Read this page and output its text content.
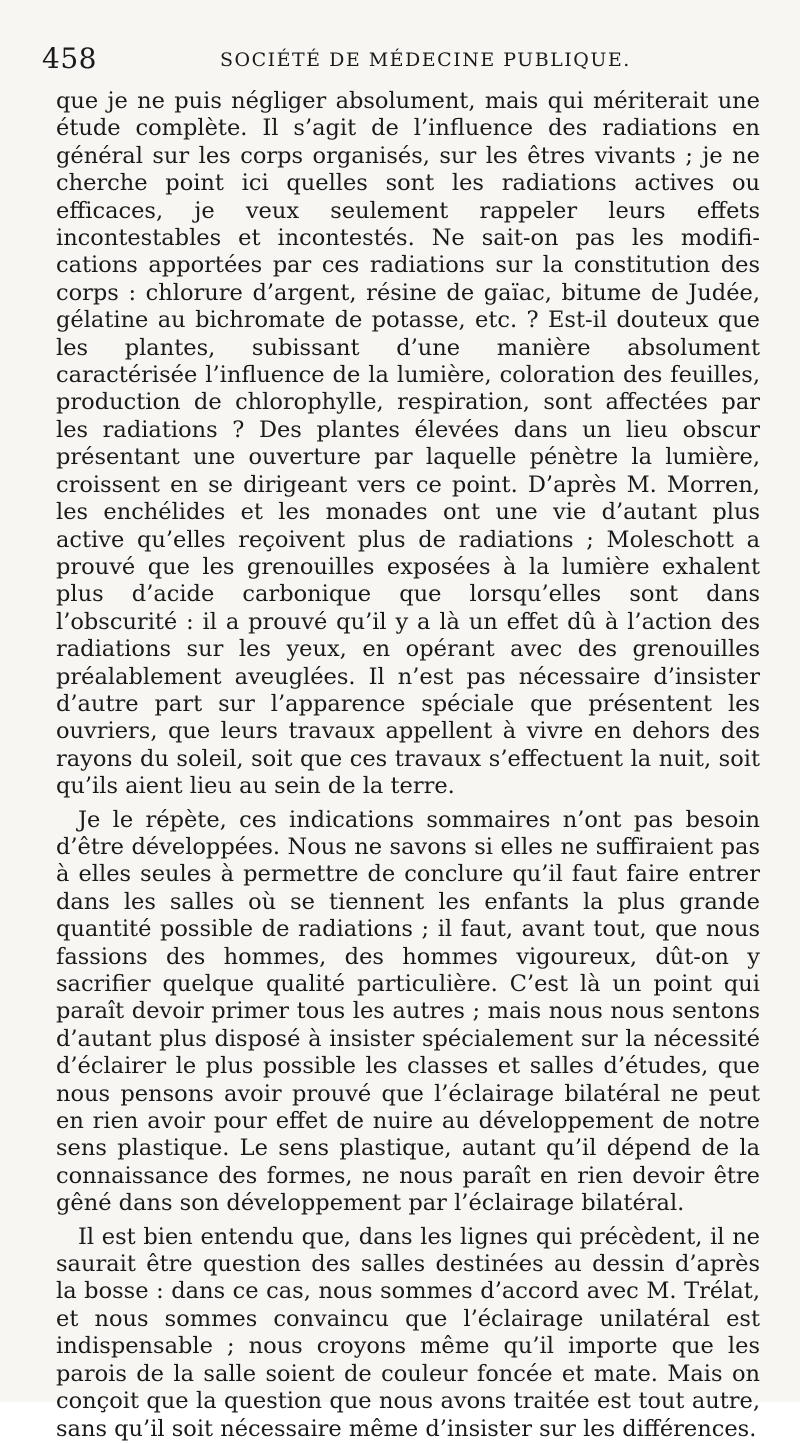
458	SOCIÉTÉ DE MÉDECINE PUBLIQUE.

que je ne puis négliger absolument, mais qui mériterait une étude complète. Il s’agit de l’influence des radiations en général sur les corps organisés, sur les êtres vivants ; je ne cherche point ici quelles sont les radiations actives ou efficaces, je veux seulement rappeler leurs effets incontestables et incontestés. Ne sait-on pas les modifications apportées par ces radiations sur la constitution des corps : chlorure d’argent, résine de gaïac, bitume de Judée, gélatine au bichromate de potasse, etc. ? Est-il douteux que les plantes, subissant d’une manière absolument caractérisée l’influence de la lumière, coloration des feuilles, production de chlorophylle, respiration, sont affectées par les radiations ? Des plantes élevées dans un lieu obscur présentant une ouverture par laquelle pénètre la lumière, croissent en se dirigeant vers ce point. D’après M. Morren, les enchélides et les monades ont une vie d’autant plus active qu’elles reçoivent plus de radiations ; Moleschott a prouvé que les grenouilles exposées à la lumière exhalent plus d’acide carbonique que lorsqu’elles sont dans l’obscurité : il a prouvé qu’il y a là un effet dû à l’action des radiations sur les yeux, en opérant avec des grenouilles préalablement aveuglées. Il n’est pas nécessaire d’insister d’autre part sur l’apparence spéciale que présentent les ouvriers, que leurs travaux appellent à vivre en dehors des rayons du soleil, soit que ces travaux s’effectuent la nuit, soit qu’ils aient lieu au sein de la terre.

Je le répète, ces indications sommaires n’ont pas besoin d’être développées. Nous ne savons si elles ne suffiraient pas à elles seules à permettre de conclure qu’il faut faire entrer dans les salles où se tiennent les enfants la plus grande quantité possible de radiations ; il faut, avant tout, que nous fassions des hommes, des hommes vigoureux, dût-on y sacrifier quelque qualité particulière. C’est là un point qui paraît devoir primer tous les autres ; mais nous nous sentons d’autant plus disposé à insister spécialement sur la nécessité d’éclairer le plus possible les classes et salles d’études, que nous pensons avoir prouvé que l’éclairage bilatéral ne peut en rien avoir pour effet de nuire au développement de notre sens plastique. Le sens plastique, autant qu’il dépend de la connaissance des formes, ne nous paraît en rien devoir être gêné dans son développement par l’éclairage bilatéral.

Il est bien entendu que, dans les lignes qui précèdent, il ne saurait être question des salles destinées au dessin d’après la bosse : dans ce cas, nous sommes d’accord avec M. Trélat, et nous sommes convaincu que l’éclairage unilatéral est indispensable ; nous croyons même qu’il importe que les parois de la salle soient de couleur foncée et mate. Mais on conçoit que la question que nous avons traitée est tout autre, sans qu’il soit nécessaire même d’insister sur les différences.
